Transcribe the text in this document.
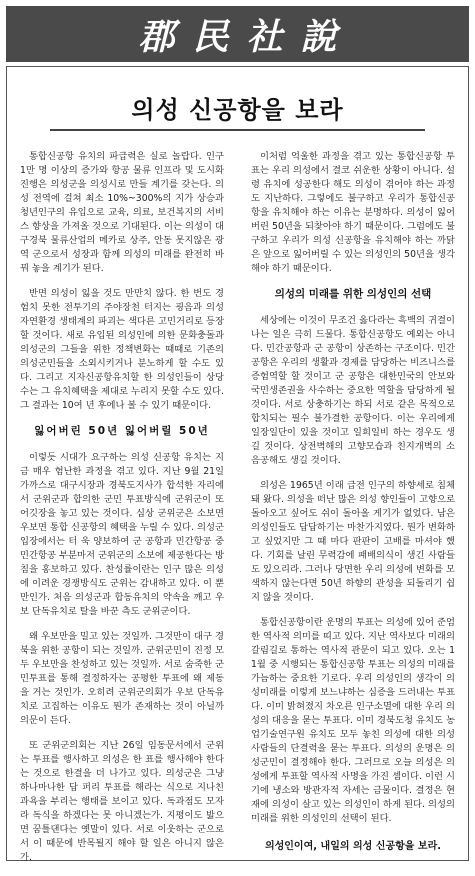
郡民社說
의성 신공항을 보라

통합신공항 유치의 파급력은 실로 놀랍다. 인구 1만 명 이상의 증가와 항공 물류 인프라 및 도시화 진행은 의성군을 의성시로 만들 계기를 갖는다. 의성 전역에 걸쳐 최소 10%~300%의 지가 상승과 청년인구의 유입으로 교육, 의료, 보건복지의 서비스 향상을 가져올 것으로 기대된다. 이는 의성이 대구경북 물류산업의 메카로 상주, 안동 못지않은 광역 군으로서 성장과 함께 의성의 미래를 완전히 바꿔 놓을 계기가 된다.

반면 의성이 잃을 것도 만만치 않다. 한 번도 경험치 못한 전투기의 주야장천 터지는 굉음과 의성 자연환경 생태계의 파괴는 색다른 고민거리로 등장할 것이다. 새로 유입된 의성인에 의한 문화충돌과 의성군의 그들을 위한 정책변화는 때때로 기존의 의성군민들을 소외시키거나 분노하게 할 수도 있다. 그리고 지자신공항유치할 한 의성인들이 상당수는 그 유치혜택을 제대로 누리지 못할 수도 있다. 그 결과는 10여 년 후에나 볼 수 있기 때문이다.

잃어버린 50년 잃어버릴 50년

이렇듯 시대가 요구하는 의성 신공항 유치는 지금 매우 험난한 과정을 겪고 있다. 지난 9월 21일 가까스로 대구시장과 경북도지사가 합석한 자리에서 군위군과 합의한 군민 투표방식에 군위군이 또 어깃장을 놓고 있는 것이다. 심상 군위군은 소보면 우보면 통합 신공항의 혜택을 누릴 수 있다. 의성군 입장에서는 터 욱 양보하여 군 공항과 민간항공 중 민간항공 부분마저 군위군의 소보에 제공한다는 방침을 홍보하고 있다. 찬성률이란는 인구 많은 의성에 이려운 경쟁방식도 군위는 감내하고 있다. 이 뿐 만인가. 처음 의성군과 합동유치의 약속을 깨고 우보 단독유치로 탈을 바꾼 측도 군위군이다.

왜 우보만을 밀고 있는 것일까. 그것만이 대구 경북을 위한 공항이 되는 것일까. 군위군민이 진정 모두 우보만을 찬성하고 있는 것일까. 서로 숨죽한 군민투표를 통해 결정하자는 공평한 투표에 왜 제동을 거는 것인가. 오히려 군위군의회가 우보 단독유치로 고집하는 이유도 뭔가 존재하는 것이 아닐까 의문이 든다.

또 군위군의회는 지난 26일 임동문서에서 군위는 투표를 행사하고 의성은 한 표를 행사해야 한다는 것으로 한결을 더 나가고 있다. 의성군은 그냥 하나마나한 답 퍼리 투표를 해라는 식으로 지나친 과욕을 부리는 행태를 보이고 있다. 독과점도 모자라 독식을 하겠다는 못 아니겠는가. 지평이도 밟으면 꿈틀댄다는 옛말이 있다. 서로 이웃하는 군으로서 이 때문에 반목될지 해야 할 일은 아니지 않은가.

이처럼 억울한 과정을 겪고 있는 통합신공항 투표는 우리 의성에서 결코 쉬운한 상황이 아니다. 설령 유치에 성공한다 해도 의성이 겪어야 하는 과정도 지난하다. 그렇에도 불구하고 우리가 통합신공항을 유치해야 하는 이유는 분명하다. 의성이 잃어버린 50년을 되찾아야 하기 때문이다. 그럼에도 불구하고 우리가 의성 신공항을 유치해야 하는 까닭은 앞으로 잃어버릴 수 있는 의성인의 50년을 생각해야 하기 때문이다.

의성의 미래를 위한 의성인의 선택

세상에는 이것이 무조건 옳다라는 흑백의 귀결이 나는 일은 극히 드물다. 통합신공항도 예외는 아니다. 민간공항과 군 공항이 상존하는 구조이다. 민간공항은 우리의 생활과 경제를 담당하는 비즈니스를 증험역할 할 것이고 군 공항은 대한민국의 안보와 국민생존권을 사수하는 중요한 역할을 담당하게 될 것이다. 서로 상충하기는 하되 서로 같은 목적으로 합치되는 필수 불가결한 공항이다. 이는 우리에게 일장일단이 있을 것이고 일희일비 하는 경우도 생길 것이다. 상전벽해의 고향모습과 친지개벽의 소음공해도 생길 것이다.

의성은 1965년 이래 급전 인구의 하향세로 침체돼 왔다. 의성을 떠난 많은 의성 향인들이 고향으로 돌아오고 싶어도 쉬이 돌아올 게기가 없었다. 남은 의성인들도 답답하기는 마찬가지였다. 뭔가 변화하고 싶었지만 그 때 마다 판판이 고배를 마셔야 했다. 기회를 날린 무력감에 패배의식이 생긴 사람들도 있으리라. 그러나 당면한 우리 의성에 변화를 모색하지 않는다면 50년 하향의 관성을 되돌리기 쉽지 않을 것이다.

통합신공항이란 운명의 투표는 의성에 있어 준엄한 역사적 의미를 띠고 있다. 지난 역사보다 미래의 갈림길로 통하는 역사적 관문이 되고 있다. 오는 11월 중 시행되는 통합신공항 투표는 의성의 미래를 가늠하는 중요한 기로다. 우리 의성인의 생각이 의성미래를 이렇게 보느냐하는 심증을 드러내는 투표다. 이미 밝혀졌지 차오른 인구소멸에 대한 우리 의성의 대응을 묻는 투표다. 이미 경북도청 유치도 농업기술연구원 유치도 모두 놓친 의성에 대한 의성사람들의 단결력을 묻는 투표다. 의성의 운명은 의성군민이 결정해야 한다. 그러므로 오늘 의성은 의성에게 투표할 역사적 사명을 가진 셈이다. 이런 시기에 냉소와 방관자적 자세는 금물이다. 결정은 현재에 의성이 살고 있는 의성인이 하게 된다. 의성의 미래를 위한 의성인의 선택이 된다.

의성인이여, 내일의 의성 신공항을 보라.
